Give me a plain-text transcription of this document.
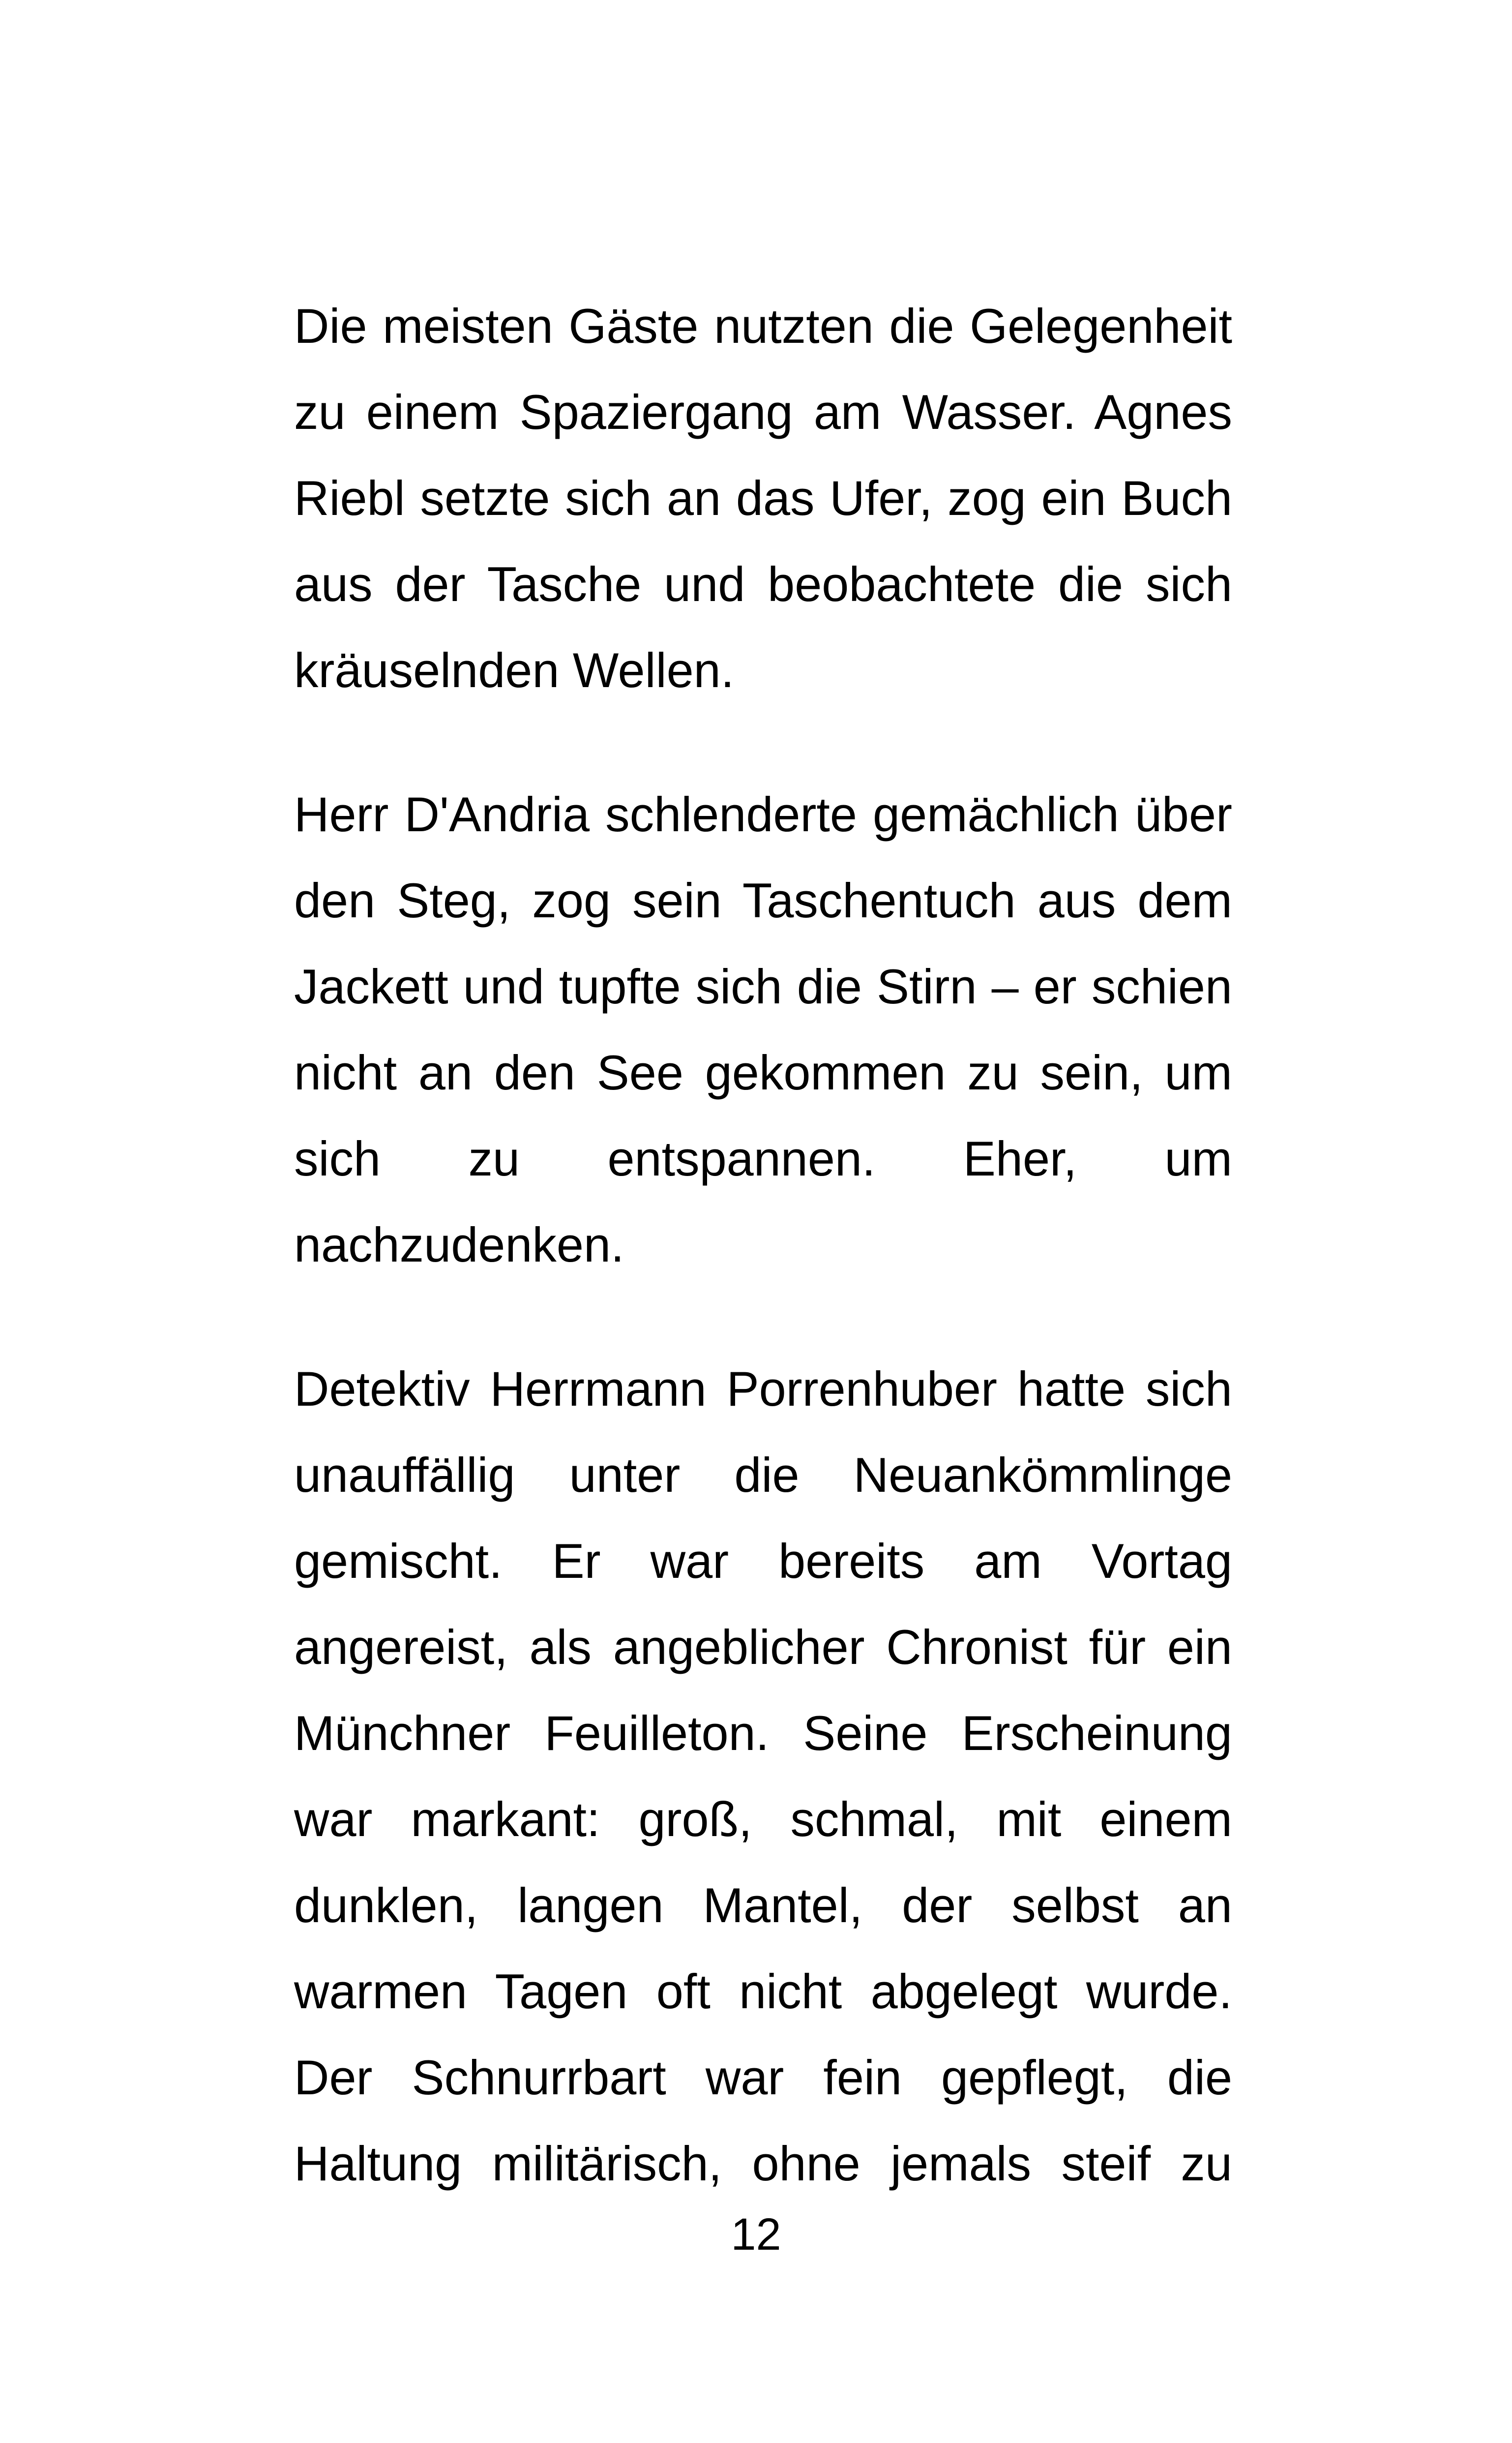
Die meisten Gäste nutzten die Gelegenheit zu einem Spaziergang am Wasser. Agnes Riebl setzte sich an das Ufer, zog ein Buch aus der Tasche und beobachtete die sich kräuselnden Wellen.

Herr D'Andria schlenderte gemächlich über den Steg, zog sein Taschentuch aus dem Jackett und tupfte sich die Stirn – er schien nicht an den See gekommen zu sein, um sich zu entspannen. Eher, um nachzudenken.

Detektiv Herrmann Porrenhuber hatte sich unauffällig unter die Neuankömmlinge gemischt. Er war bereits am Vortag angereist, als angeblicher Chronist für ein Münchner Feuilleton. Seine Erscheinung war markant: groß, schmal, mit einem dunklen, langen Mantel, der selbst an warmen Tagen oft nicht abgelegt wurde. Der Schnurrbart war fein gepflegt, die Haltung militärisch, ohne jemals steif zu

12
